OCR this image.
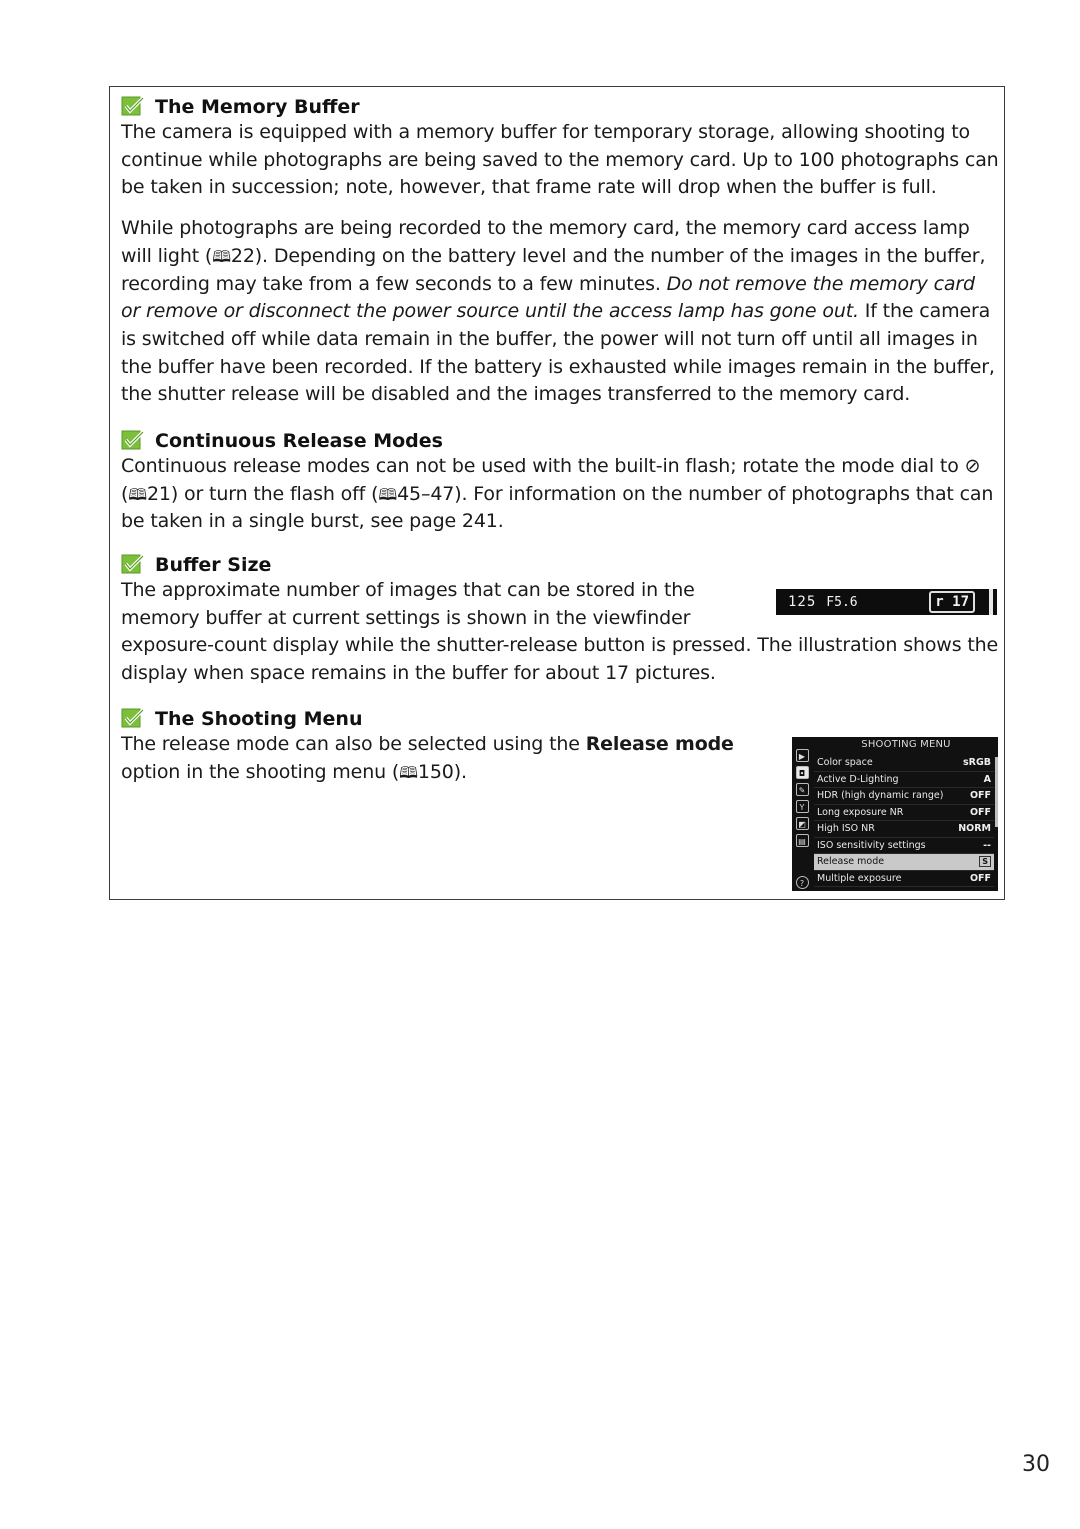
The Memory Buffer

The camera is equipped with a memory buffer for temporary storage, allowing shooting to continue while photographs are being saved to the memory card. Up to 100 photographs can be taken in succession; note, however, that frame rate will drop when the buffer is full.

While photographs are being recorded to the memory card, the memory card access lamp will light (🕮22). Depending on the battery level and the number of the images in the buffer, recording may take from a few seconds to a few minutes. Do not remove the memory card or remove or disconnect the power source until the access lamp has gone out. If the camera is switched off while data remain in the buffer, the power will not turn off until all images in the buffer have been recorded. If the battery is exhausted while images remain in the buffer, the shutter release will be disabled and the images transferred to the memory card.

Continuous Release Modes

Continuous release modes can not be used with the built-in flash; rotate the mode dial to ⊘ (🕮21) or turn the flash off (🕮45–47). For information on the number of photographs that can be taken in a single burst, see page 241.

Buffer Size

The approximate number of images that can be stored in the memory buffer at current settings is shown in the viewfinder exposure-count display while the shutter-release button is pressed. The illustration shows the display when space remains in the buffer for about 17 pictures.

125 F5.6	r 17
The Shooting Menu

The release mode can also be selected using the Release mode option in the shooting menu (🕮150).

SHOOTING MENU
▶
◘
✎
Y
◩
▤
?
Color space	sRGB
Active D-Lighting	A
HDR (high dynamic range)	OFF
Long exposure NR	OFF
High ISO NR	NORM
ISO sensitivity settings	--
Release mode	S
Multiple exposure	OFF
30
